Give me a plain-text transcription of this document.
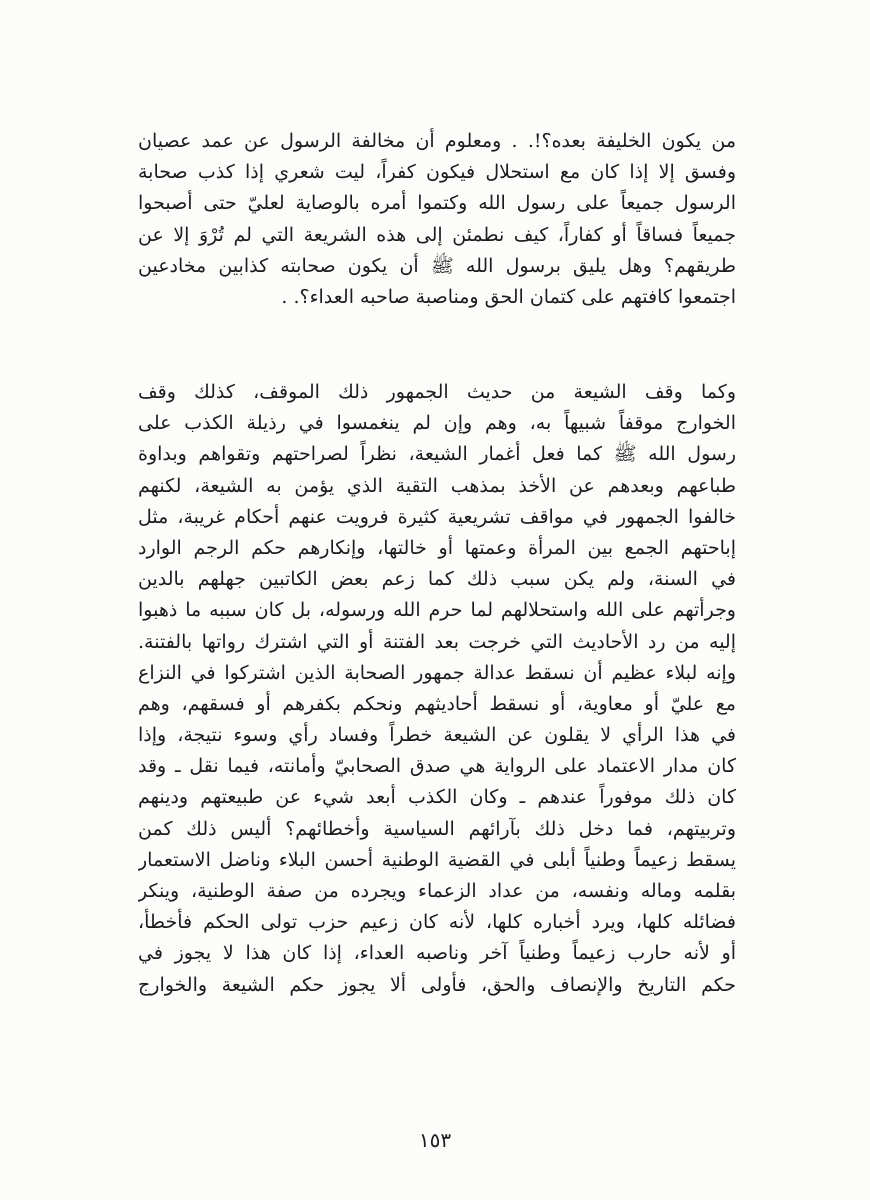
من يكون الخليفة بعده؟!. . ومعلوم أن مخالفة الرسول عن عمد عصيان
وفسق إلا إذا كان مع استحلال فيكون كفراً، ليت شعري إذا كذب صحابة
الرسول جميعاً على رسول الله وكتموا أمره بالوصاية لعليّ حتى أصبحوا
جميعاً فساقاً أو كفاراً، كيف نطمئن إلى هذه الشريعة التي لم تُرْوَ إلا عن
طريقهم؟ وهل يليق برسول الله ﷺ أن يكون صحابته كذابين مخادعين
اجتمعوا كافتهم على كتمان الحق ومناصبة صاحبه العداء؟. .
وكما وقف الشيعة من حديث الجمهور ذلك الموقف، كذلك وقف
الخوارج موقفاً شبيهاً به، وهم وإن لم ينغمسوا في رذيلة الكذب على
رسول الله ﷺ كما فعل أغمار الشيعة، نظراً لصراحتهم وتقواهم وبداوة
طباعهم وبعدهم عن الأخذ بمذهب التقية الذي يؤمن به الشيعة، لكنهم
خالفوا الجمهور في مواقف تشريعية كثيرة فرويت عنهم أحكام غريبة، مثل
إباحتهم الجمع بين المرأة وعمتها أو خالتها، وإنكارهم حكم الرجم الوارد
في السنة، ولم يكن سبب ذلك كما زعم بعض الكاتبين جهلهم بالدين
وجرأتهم على الله واستحلالهم لما حرم الله ورسوله، بل كان سببه ما ذهبوا
إليه من رد الأحاديث التي خرجت بعد الفتنة أو التي اشترك رواتها بالفتنة.
وإنه لبلاء عظيم أن نسقط عدالة جمهور الصحابة الذين اشتركوا في النزاع
مع عليّ أو معاوية، أو نسقط أحاديثهم ونحكم بكفرهم أو فسقهم، وهم
في هذا الرأي لا يقلون عن الشيعة خطراً وفساد رأي وسوء نتيجة، وإذا
كان مدار الاعتماد على الرواية هي صدق الصحابيّ وأمانته، فيما نقل ـ وقد
كان ذلك موفوراً عندهم ـ وكان الكذب أبعد شيء عن طبيعتهم ودينهم
وتربيتهم، فما دخل ذلك بآرائهم السياسية وأخطائهم؟ أليس ذلك كمن
يسقط زعيماً وطنياً أبلى في القضية الوطنية أحسن البلاء وناضل الاستعمار
بقلمه وماله ونفسه، من عداد الزعماء ويجرده من صفة الوطنية، وينكر
فضائله كلها، ويرد أخباره كلها، لأنه كان زعيم حزب تولى الحكم فأخطأ،
أو لأنه حارب زعيماً وطنياً آخر وناصبه العداء، إذا كان هذا لا يجوز في
حكم التاريخ والإنصاف والحق، فأولى ألا يجوز حكم الشيعة والخوارج
١٥٣
